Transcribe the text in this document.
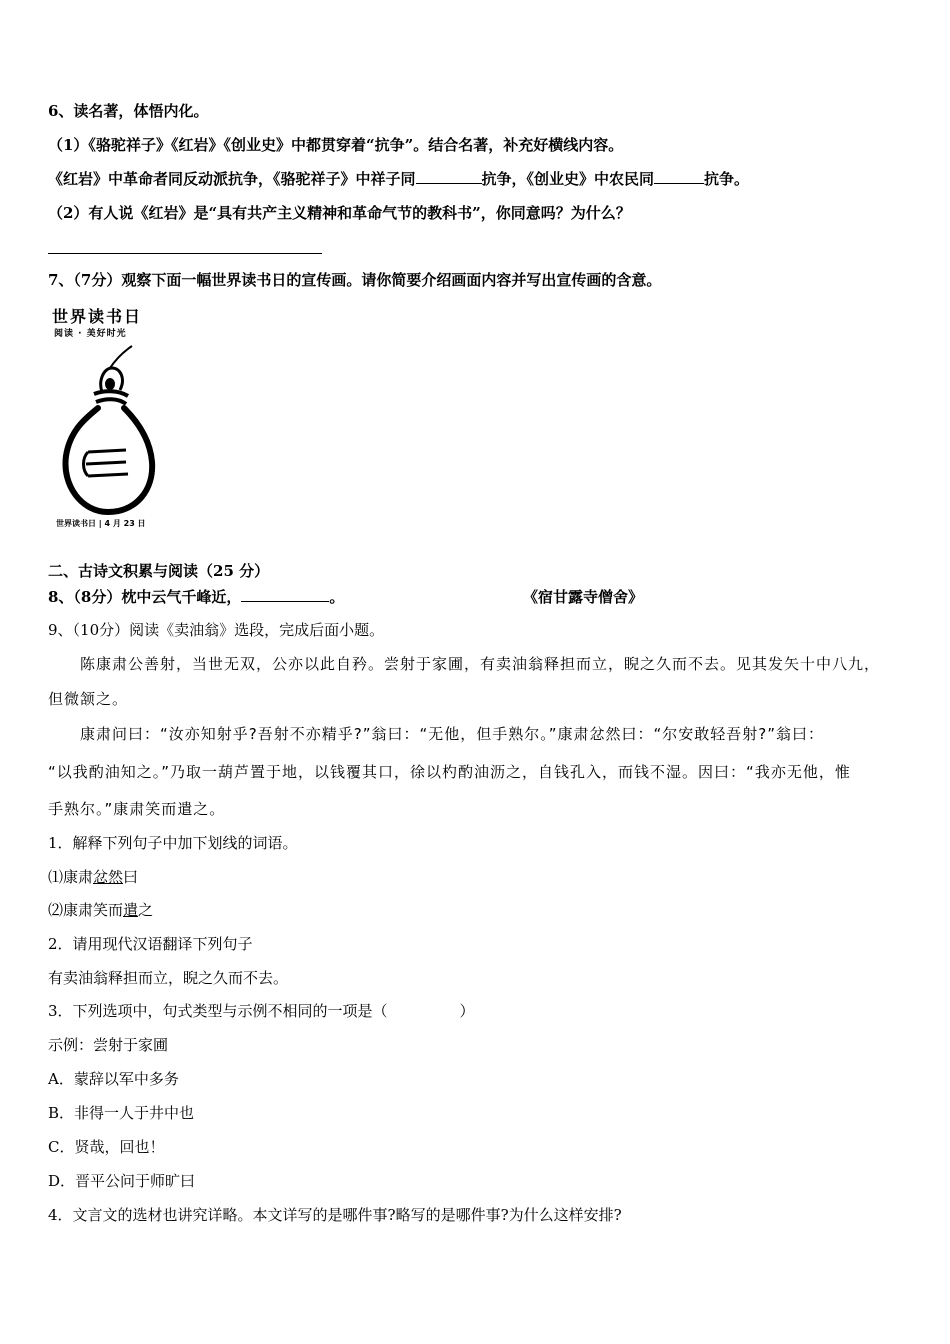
6、读名著，体悟内化。
（1）《骆驼祥子》《红岩》《创业史》中都贯穿着“抗争”。结合名著，补充好横线内容。
《红岩》中革命者同反动派抗争，《骆驼祥子》中祥子同	抗争，《创业史》中农民同	抗争。
（2）有人说《红岩》是“具有共产主义精神和革命气节的教科书”，你同意吗？为什么？
7、（7分）观察下面一幅世界读书日的宣传画。请你简要介绍画面内容并写出宣传画的含意。
世界读书日
阅读 · 美好时光
世界读书日 | 4 月 23 日
二、古诗文积累与阅读（25 分）
8、（8分）枕中云气千峰近，	。	《宿甘露寺僧舍》
9、（10分）阅读《卖油翁》选段，完成后面小题。
陈康肃公善射，当世无双，公亦以此自矜。尝射于家圃，有卖油翁释担而立，睨之久而不去。见其发矢十中八九，
但微颔之。
康肃问曰：“汝亦知射乎?吾射不亦精乎?”翁曰：“无他，但手熟尔。”康肃忿然曰：“尔安敢轻吾射?”翁曰：
“以我酌油知之。”乃取一葫芦置于地，以钱覆其口，徐以杓酌油沥之，自钱孔入，而钱不湿。因曰：“我亦无他，惟
手熟尔。”康肃笑而遣之。
1．解释下列句子中加下划线的词语。
⑴康肃忿然曰
⑵康肃笑而遣之
2．请用现代汉语翻译下列句子
有卖油翁释担而立，睨之久而不去。
3．下列选项中，句式类型与示例不相同的一项是（	）
示例：尝射于家圃
A．蒙辞以军中多务
B．非得一人于井中也
C．贤哉，回也！
D．晋平公问于师旷曰
4．文言文的选材也讲究详略。本文详写的是哪件事?略写的是哪件事?为什么这样安排?
